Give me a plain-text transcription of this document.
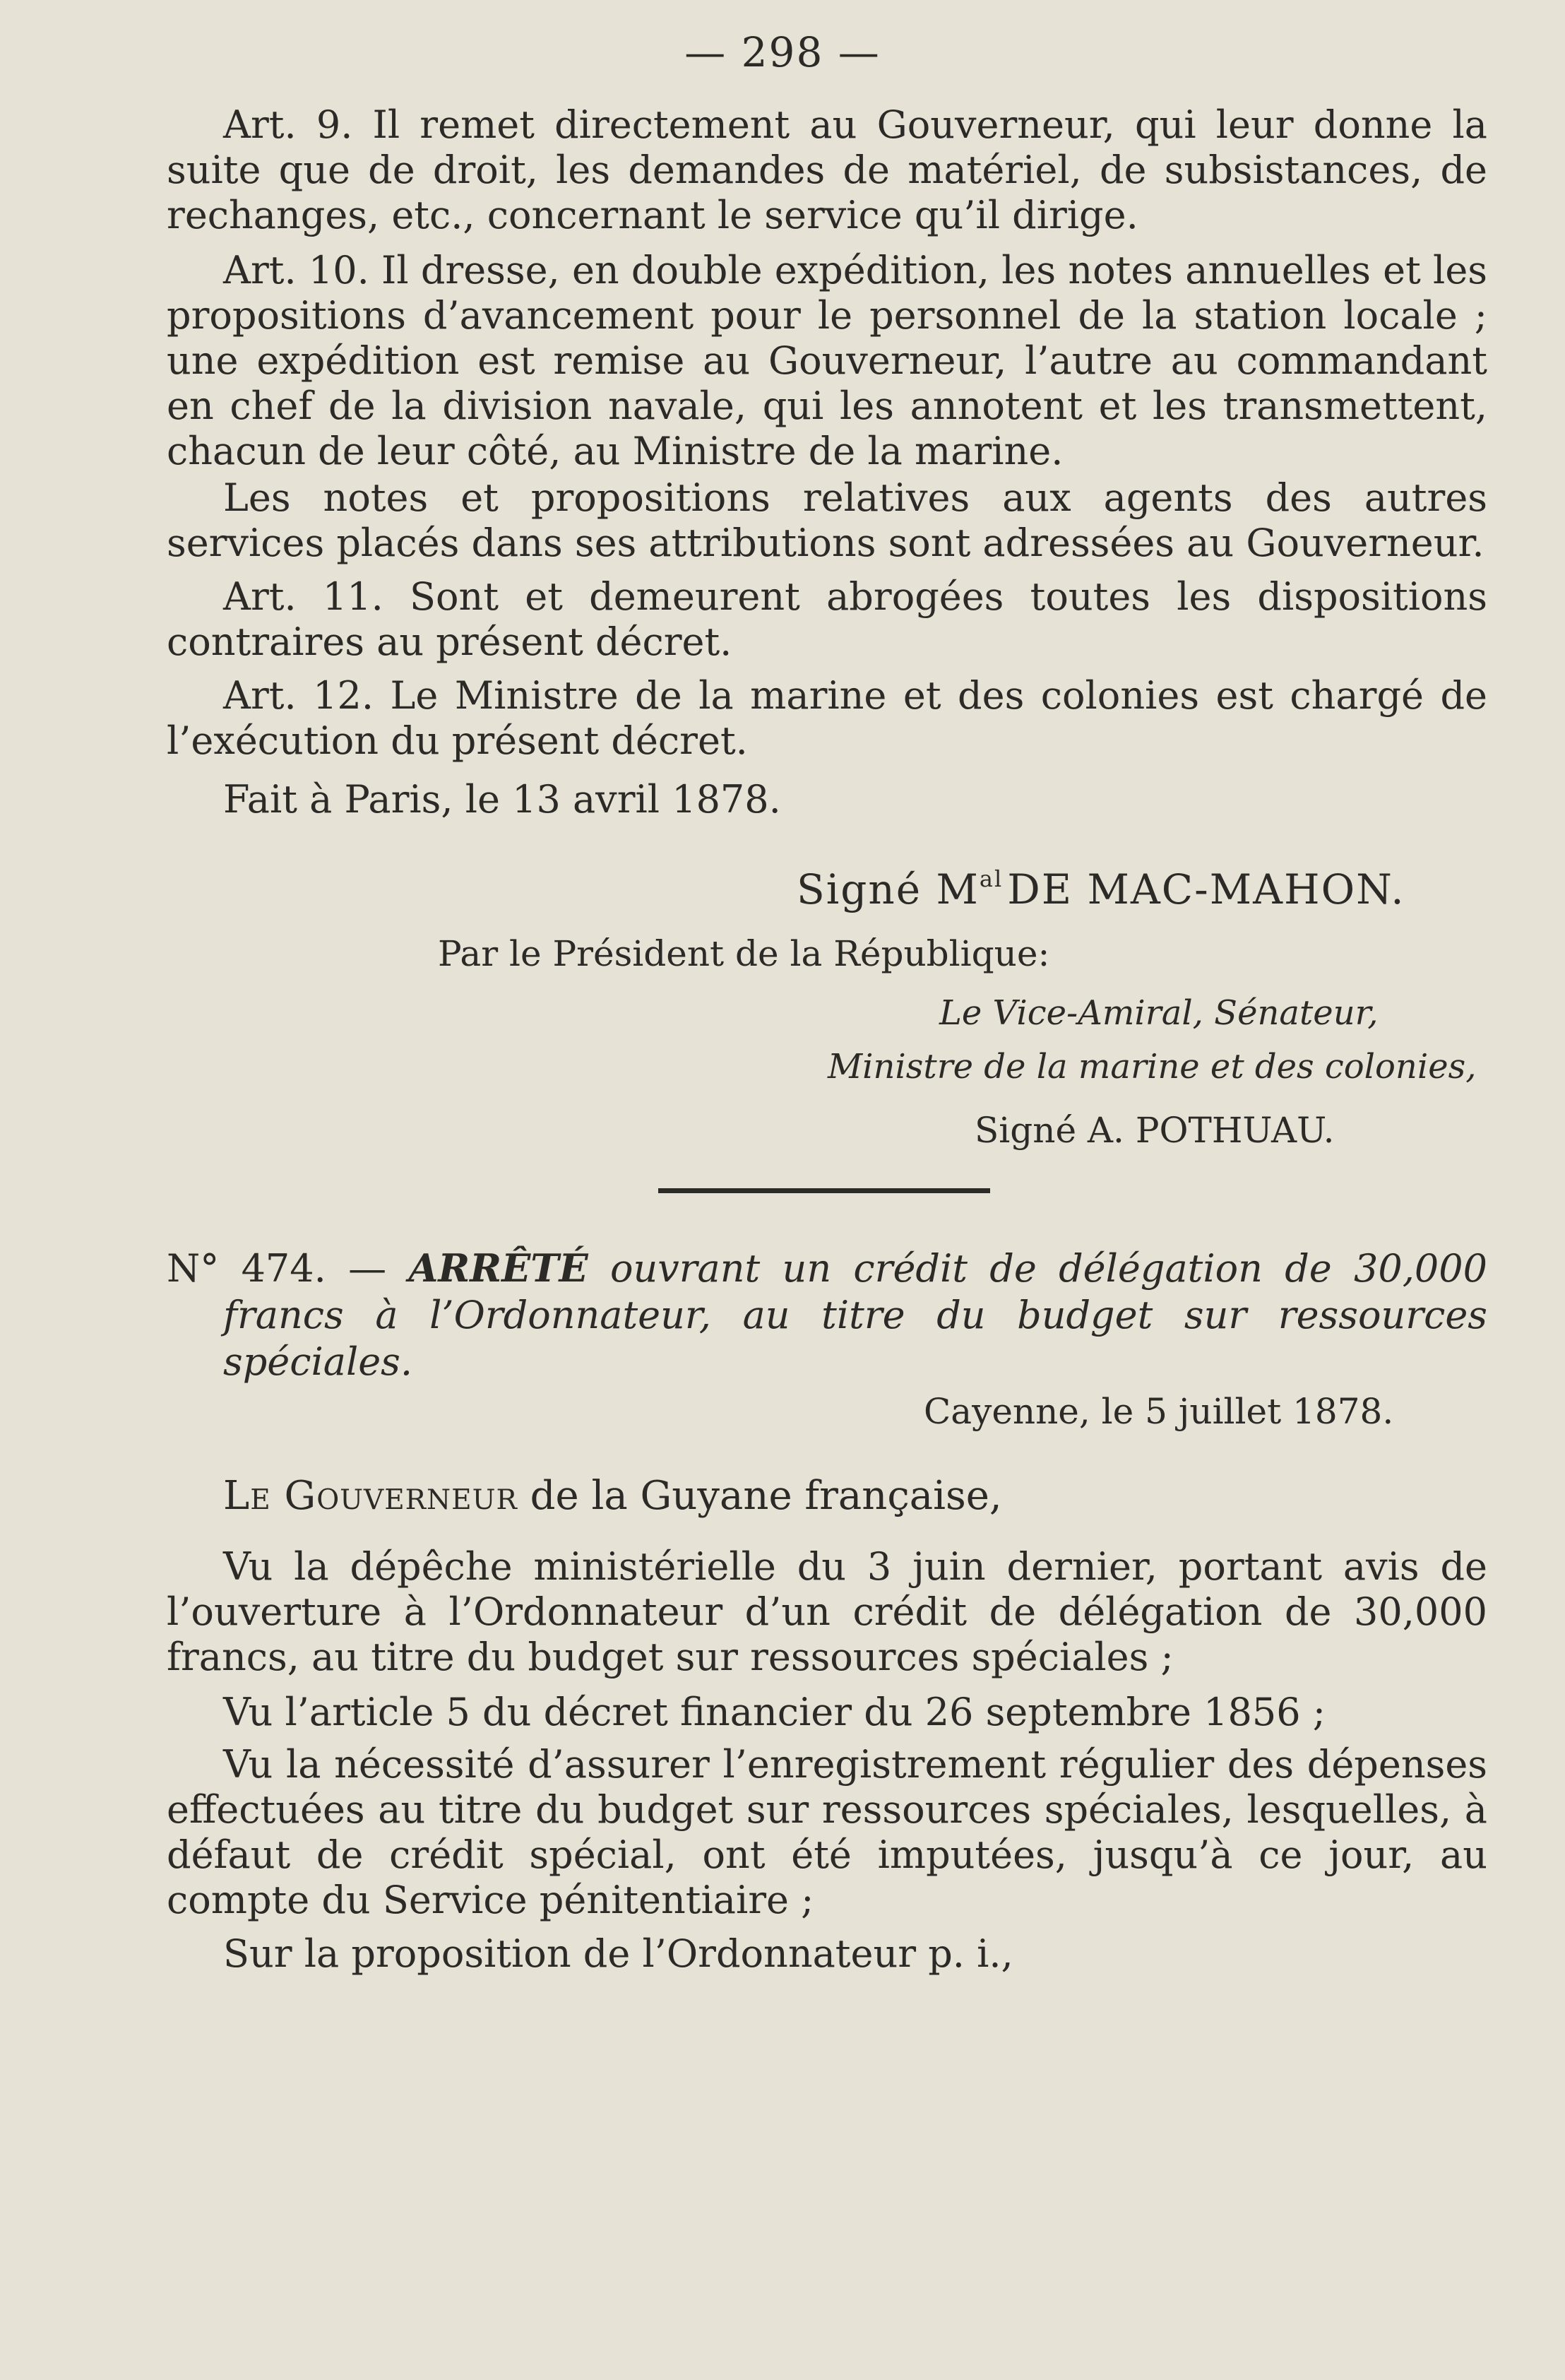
— 298 —

Art. 9. Il remet directement au Gouverneur, qui leur donne la suite que de droit, les demandes de matériel, de subsistances, de rechanges, etc., concernant le service qu’il dirige.

Art. 10. Il dresse, en double expédition, les notes annuelles et les propositions d’avancement pour le personnel de la station locale ; une expédition est remise au Gouverneur, l’autre au commandant en chef de la division navale, qui les annotent et les transmettent, chacun de leur côté, au Ministre de la marine.

Les notes et propositions relatives aux agents des autres services placés dans ses attributions sont adressées au Gouverneur.

Art. 11. Sont et demeurent abrogées toutes les dispositions contraires au présent décret.

Art. 12. Le Ministre de la marine et des colonies est chargé de l’exécution du présent décret.

Fait à Paris, le 13 avril 1878.

Signé $M^{al}$ DE MAC-MAHON.

Par le Président de la République:

Le Vice-Amiral, Sénateur,

Ministre de la marine et des colonies,

Signé A. POTHUAU.

N° 474. — ARRÊTÉ ouvrant un crédit de délégation de 30,000
francs à l’Ordonnateur, au titre du budget sur ressources
spéciales.

Cayenne, le 5 juillet 1878.

Le Gouverneur de la Guyane française,

Vu la dépêche ministérielle du 3 juin dernier, portant avis de l’ouverture à l’Ordonnateur d’un crédit de délégation de 30,000 francs, au titre du budget sur ressources spéciales ;

Vu l’article 5 du décret financier du 26 septembre 1856 ;

Vu la nécessité d’assurer l’enregistrement régulier des dépenses effectuées au titre du budget sur ressources spéciales, lesquelles, à défaut de crédit spécial, ont été imputées, jusqu’à ce jour, au compte du Service pénitentiaire ;

Sur la proposition de l’Ordonnateur p. i.,
